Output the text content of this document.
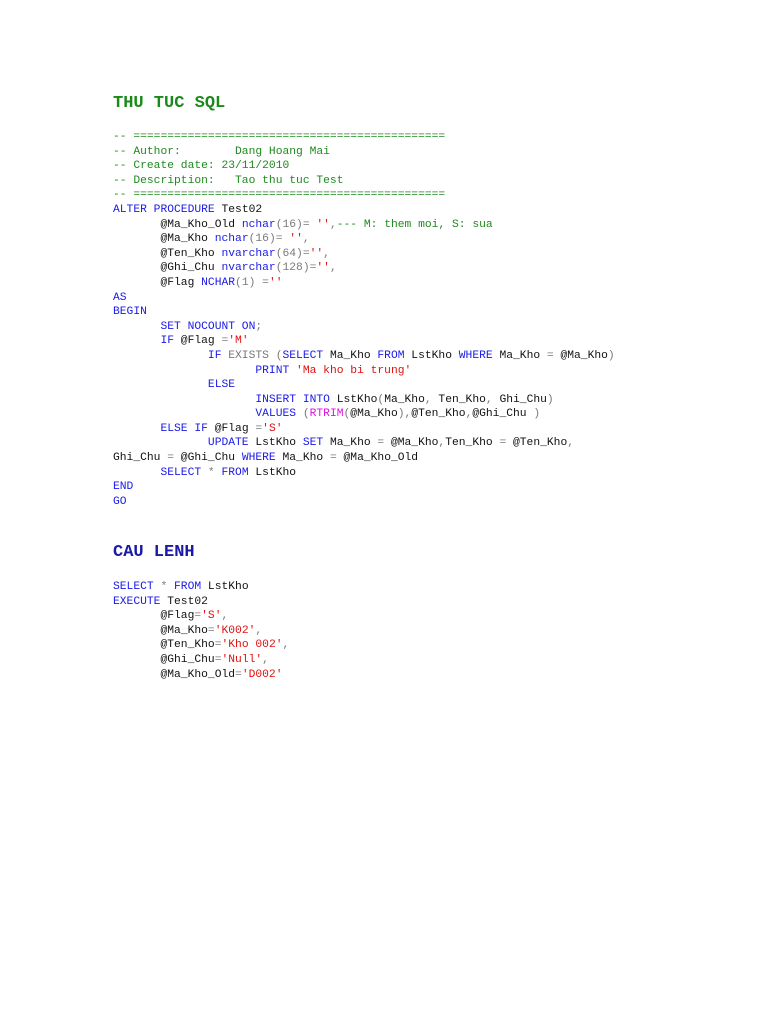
THU TUC SQL
-- ==============================================
-- Author:        Dang Hoang Mai
-- Create date: 23/11/2010
-- Description:   Tao thu tuc Test
-- ==============================================
ALTER PROCEDURE Test02
@Ma_Kho_Old nchar(16)= '',--- M: them moi, S: sua
@Ma_Kho nchar(16)= '',
@Ten_Kho nvarchar(64)='',
@Ghi_Chu nvarchar(128)='',
@Flag NCHAR(1) =''
AS
BEGIN
SET NOCOUNT ON;
IF @Flag ='M'
IF EXISTS (SELECT Ma_Kho FROM LstKho WHERE Ma_Kho = @Ma_Kho)
PRINT 'Ma kho bi trung'
ELSE
INSERT INTO LstKho(Ma_Kho, Ten_Kho, Ghi_Chu)
VALUES (RTRIM(@Ma_Kho),@Ten_Kho,@Ghi_Chu )
ELSE IF @Flag ='S'
UPDATE LstKho SET Ma_Kho = @Ma_Kho,Ten_Kho = @Ten_Kho,
Ghi_Chu = @Ghi_Chu WHERE Ma_Kho = @Ma_Kho_Old
SELECT * FROM LstKho
END
GO
CAU LENH
SELECT * FROM LstKho
EXECUTE Test02
@Flag='S',
@Ma_Kho='K002',
@Ten_Kho='Kho 002',
@Ghi_Chu='Null',
@Ma_Kho_Old='D002'
